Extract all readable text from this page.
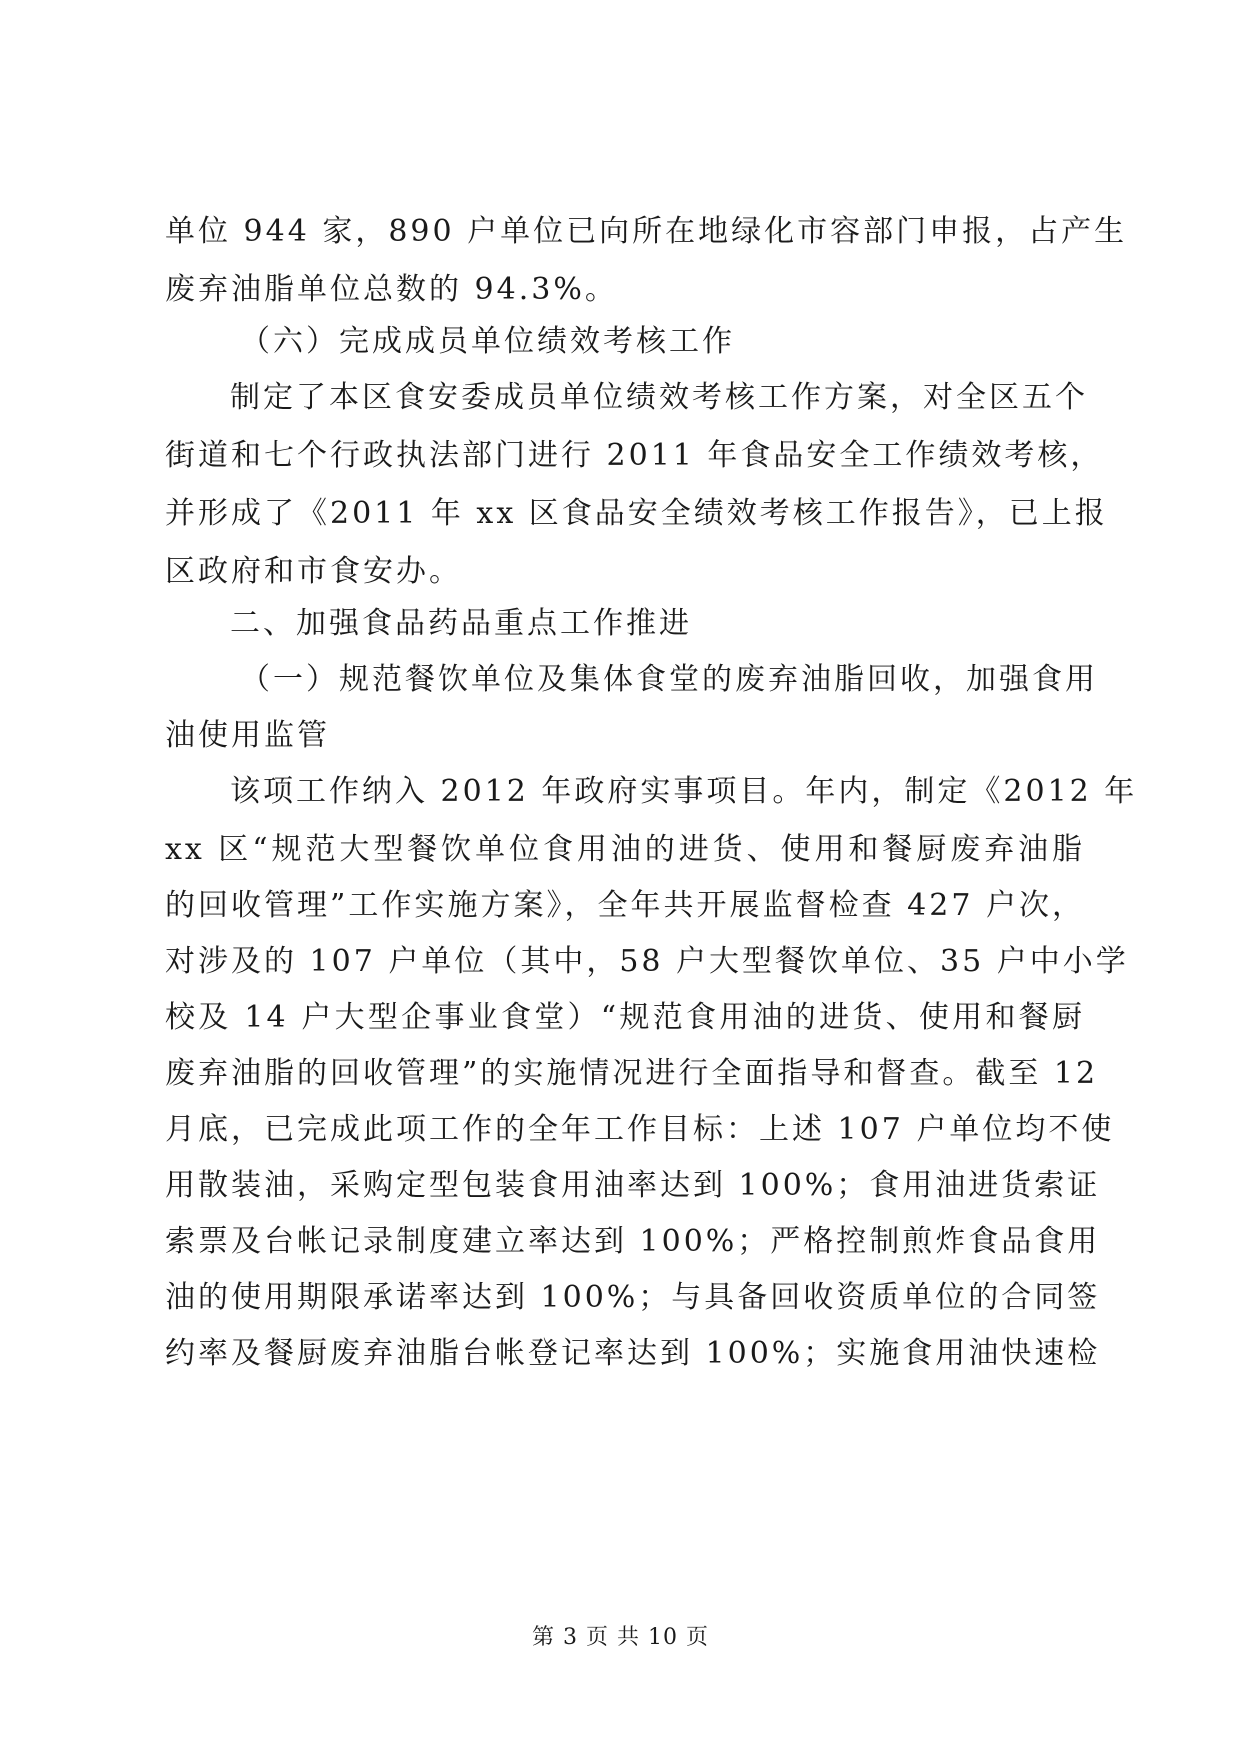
单位 944 家，890 户单位已向所在地绿化市容部门申报，占产生
废弃油脂单位总数的 94.3%。
（六）完成成员单位绩效考核工作
制定了本区食安委成员单位绩效考核工作方案，对全区五个
街道和七个行政执法部门进行 2011 年食品安全工作绩效考核，
并形成了《2011 年 xx 区食品安全绩效考核工作报告》，已上报
区政府和市食安办。
二、加强食品药品重点工作推进
（一）规范餐饮单位及集体食堂的废弃油脂回收，加强食用
油使用监管
该项工作纳入 2012 年政府实事项目。年内，制定《2012 年
xx 区“规范大型餐饮单位食用油的进货、使用和餐厨废弃油脂
的回收管理”工作实施方案》，全年共开展监督检查 427 户次，
对涉及的 107 户单位（其中，58 户大型餐饮单位、35 户中小学
校及 14 户大型企事业食堂）“规范食用油的进货、使用和餐厨
废弃油脂的回收管理”的实施情况进行全面指导和督查。截至 12
月底，已完成此项工作的全年工作目标：上述 107 户单位均不使
用散装油，采购定型包装食用油率达到 100%；食用油进货索证
索票及台帐记录制度建立率达到 100%；严格控制煎炸食品食用
油的使用期限承诺率达到 100%；与具备回收资质单位的合同签
约率及餐厨废弃油脂台帐登记率达到 100%；实施食用油快速检
第 3 页 共 10 页
